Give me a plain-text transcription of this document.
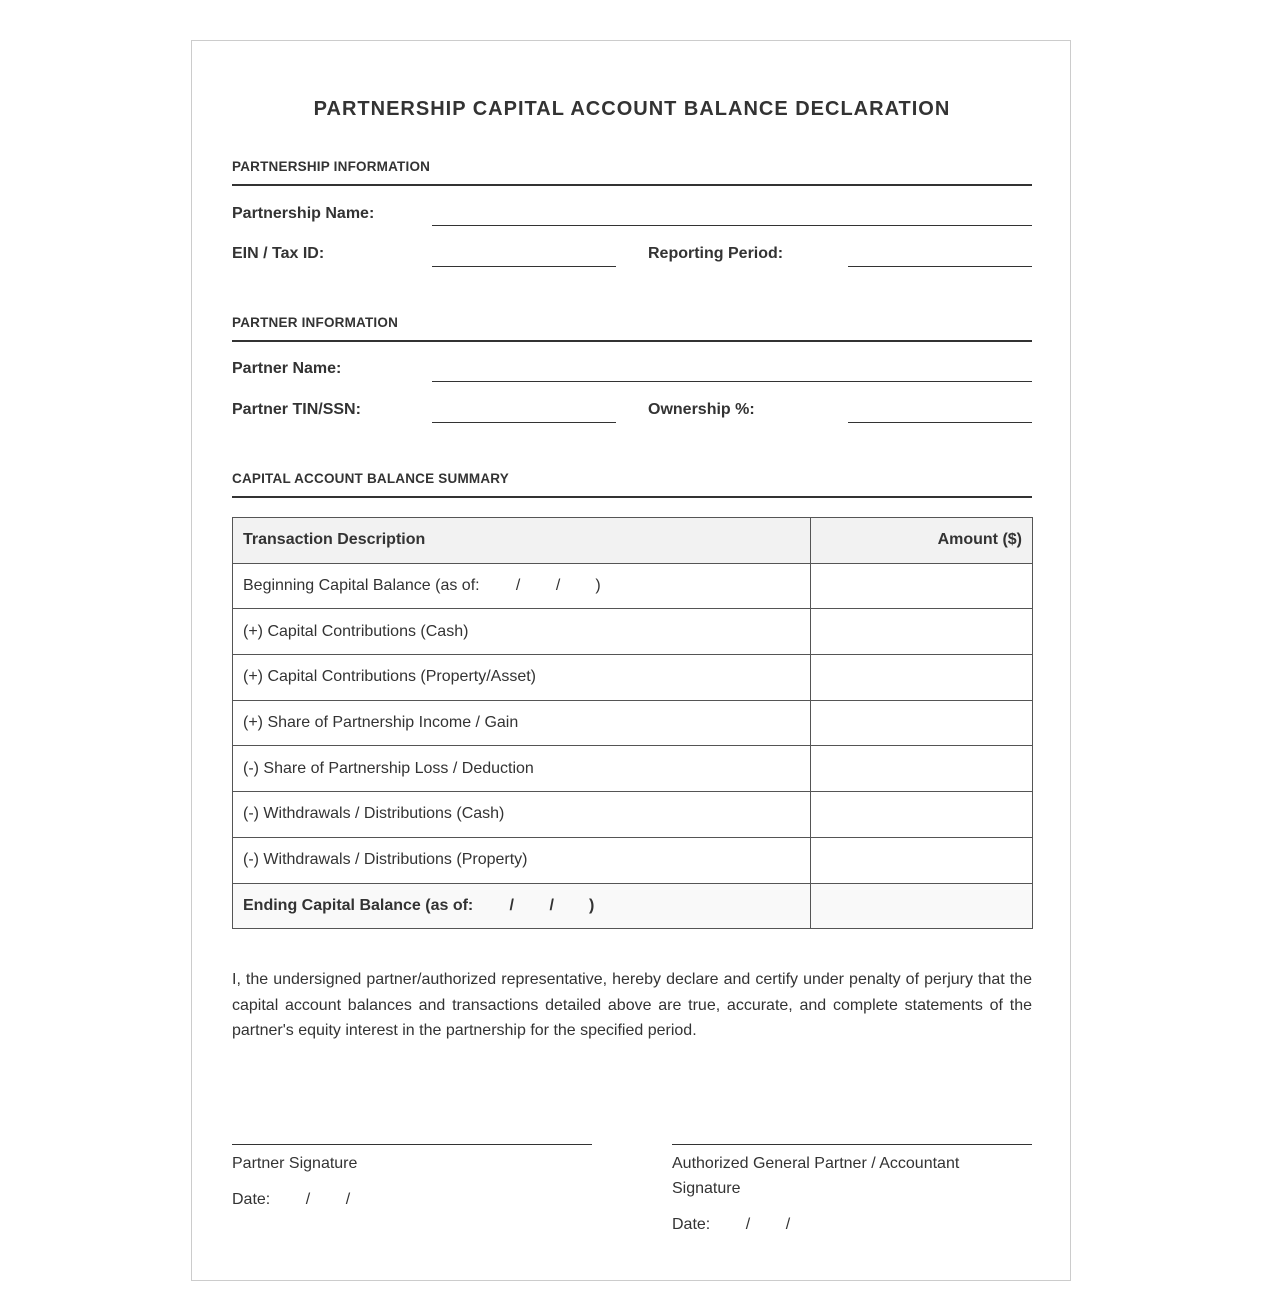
PARTNERSHIP CAPITAL ACCOUNT BALANCE DECLARATION
PARTNERSHIP INFORMATION
Partnership Name:
EIN / Tax ID:	Reporting Period:
PARTNER INFORMATION
Partner Name:
Partner TIN/SSN:	Ownership %:
CAPITAL ACCOUNT BALANCE SUMMARY
Transaction Description	Amount ($)
Beginning Capital Balance (as of: / / )	
(+) Capital Contributions (Cash)	
(+) Capital Contributions (Property/Asset)	
(+) Share of Partnership Income / Gain	
(-) Share of Partnership Loss / Deduction	
(-) Withdrawals / Distributions (Cash)	
(-) Withdrawals / Distributions (Property)	
Ending Capital Balance (as of: / / )	
I, the undersigned partner/authorized representative, hereby declare and certify under penalty of perjury that the capital account balances and transactions detailed above are true, accurate, and complete statements of the partner's equity interest in the partnership for the specified period.
Partner Signature
Date: / /
Authorized General Partner / Accountant Signature
Date: / /
